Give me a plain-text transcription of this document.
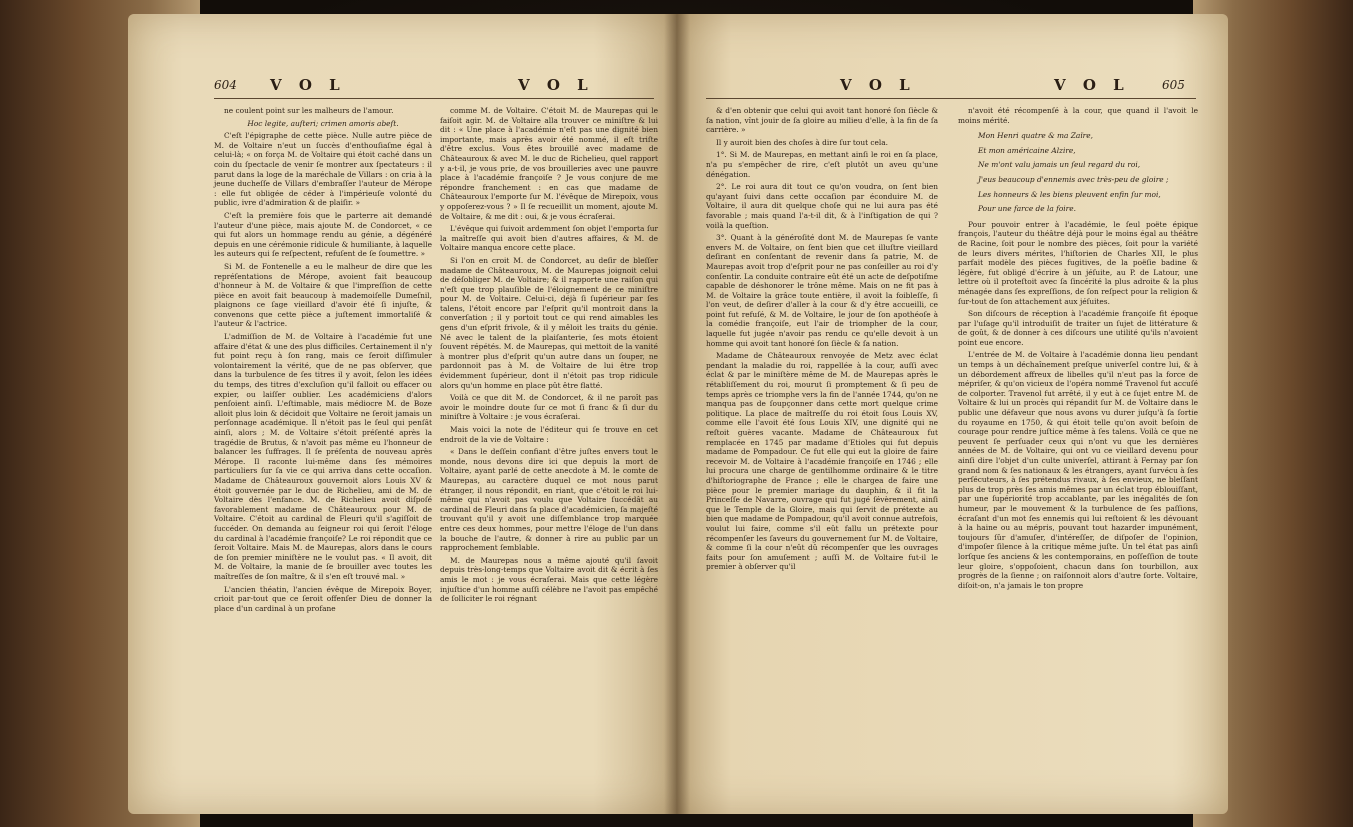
604 V O L	V O L

ne coulent point sur les malheurs de l'amour.

Hoc legite, auſteri; crimen amoris abeſt.

C'eſt l'épigraphe de cette pièce. Nulle autre pièce de M. de Voltaire n'eut un ſuccès d'enthouſiaſme égal à celui-là; « on força M. de Voltaire qui étoit caché dans un coin du ſpectacle de venir ſe montrer aux ſpectateurs : il parut dans la loge de la maréchale de Villars : on cria à la jeune ducheſſe de Villars d'embraſſer l'auteur de Mérope : elle fut obligée de céder à l'impérieuſe volonté du public, ivre d'admiration & de plaiſir. »

C'eſt la première fois que le parterre ait demandé l'auteur d'une pièce, mais ajoute M. de Condorcet, « ce qui fut alors un hommage rendu au génie, a dégénéré depuis en une cérémonie ridicule & humiliante, à laquelle les auteurs qui ſe reſpectent, refuſent de ſe ſoumettre. »

Si M. de Fontenelle a eu le malheur de dire que les repréſentations de Mérope, avoient fait beaucoup d'honneur à M. de Voltaire & que l'impreſſion de cette pièce en avoit fait beaucoup à mademoiſelle Dumeſnil, plaignons ce ſage vieillard d'avoir été ſi injuſte, & convenons que cette pièce a juſtement immortaliſé & l'auteur & l'actrice.

L'admiſſion de M. de Voltaire à l'académie fut une affaire d'état & une des plus difficiles. Certainement il n'y fut point reçu à ſon rang, mais ce ſeroit diſſimuler volontairement la vérité, que de ne pas obſerver, que dans la turbulence de ſes titres il y avoit, ſelon les idées du temps, des titres d'excluſion qu'il falloit ou effacer ou expier, ou laiſſer oublier. Les académiciens d'alors penſoient ainſi. L'eſtimable, mais médiocre M. de Boze alloit plus loin & décidoit que Voltaire ne ſeroit jamais un perſonnage académique. Il n'étoit pas le ſeul qui penſât ainſi, alors ; M. de Voltaire s'étoit préſenté après la tragédie de Brutus, & n'avoit pas même eu l'honneur de balancer les ſuffrages. Il ſe préſenta de nouveau après Mérope. Il raconte lui-même dans ſes mémoires particuliers ſur ſa vie ce qui arriva dans cette occaſion. Madame de Châteauroux gouvernoit alors Louis XV & étoit gouvernée par le duc de Richelieu, ami de M. de Voltaire dès l'enfance. M. de Richelieu avoit diſpoſé favorablement madame de Châteauroux pour M. de Voltaire. C'étoit au cardinal de Fleuri qu'il s'agiſſoit de ſuccéder. On demanda au ſeigneur roi qui ſeroit l'éloge du cardinal à l'académie françoiſe? Le roi répondit que ce ſeroit Voltaire. Mais M. de Maurepas, alors dans le cours de ſon premier miniſtère ne le voulut pas. « Il avoit, dit M. de Voltaire, la manie de ſe brouiller avec toutes les maîtreſſes de ſon maître, & il s'en eſt trouvé mal. »

L'ancien théatin, l'ancien évêque de Mirepoix Boyer, crioit par-tout que ce ſeroit offenſer Dieu de donner la place d'un cardinal à un profane

comme M. de Voltaire. C'étoit M. de Maurepas qui le faiſoit agir. M. de Voltaire alla trouver ce miniſtre & lui dit : « Une place à l'académie n'eſt pas une dignité bien importante, mais après avoir été nommé, il eſt triſte d'être exclus. Vous êtes brouillé avec madame de Châteauroux & avec M. le duc de Richelieu, quel rapport y a-t-il, je vous prie, de vos brouilleries avec une pauvre place à l'académie françoiſe ? Je vous conjure de me répondre franchement : en cas que madame de Châteauroux l'emporte ſur M. l'évêque de Mirepoix, vous y oppoſerez-vous ? » Il ſe recueillit un moment, ajoute M. de Voltaire, & me dit : oui, & je vous écraſerai.

L'évêque qui ſuivoit ardemment ſon objet l'emporta ſur la maîtreſſe qui avoit bien d'autres affaires, & M. de Voltaire manqua encore cette place.

Si l'on en croit M. de Condorcet, au deſir de bleſſer madame de Châteauroux, M. de Maurepas joignoit celui de déſobliger M. de Voltaire; & il rapporte une raiſon qui n'eſt que trop plauſible de l'éloignement de ce miniſtre pour M. de Voltaire. Celui-ci, déjà ſi ſupérieur par ſes talens, l'étoit encore par l'eſprit qu'il montroit dans la converſation ; il y portoit tout ce qui rend aimables les gens d'un eſprit frivole, & il y mêloit les traits du génie. Né avec le talent de la plaiſanterie, ſes mots étoient ſouvent répétés. M. de Maurepas, qui mettoit de la vanité à montrer plus d'eſprit qu'un autre dans un ſouper, ne pardonnoit pas à M. de Voltaire de lui être trop évidemment ſupérieur, dont il n'étoit pas trop ridicule alors qu'un homme en place pût être flatté.

Voilà ce que dit M. de Condorcet, & il ne paroît pas avoir le moindre doute ſur ce mot ſi franc & ſi dur du miniſtre à Voltaire : je vous écraſerai.

Mais voici la note de l'éditeur qui ſe trouve en cet endroit de la vie de Voltaire :

« Dans le deſſein confiant d'être juſtes envers tout le monde, nous devons dire ici que depuis la mort de Voltaire, ayant parlé de cette anecdote à M. le comte de Maurepas, au caractère duquel ce mot nous parut étranger, il nous répondit, en riant, que c'étoit le roi lui-même qui n'avoit pas voulu que Voltaire ſuccédât au cardinal de Fleuri dans ſa place d'académicien, ſa majeſté trouvant qu'il y avoit une diſſemblance trop marquée entre ces deux hommes, pour mettre l'éloge de l'un dans la bouche de l'autre, & donner à rire au public par un rapprochement ſemblable.

M. de Maurepas nous a même ajouté qu'il ſavoit depuis très-long-temps que Voltaire avoit dit & écrit à ſes amis le mot : je vous écraſerai. Mais que cette légère injuſtice d'un homme auſſi célèbre ne l'avoit pas empêché de ſolliciter le roi régnant

V O L	V O L	605

& d'en obtenir que celui qui avoit tant honoré ſon ſiècle & ſa nation, vînt jouir de ſa gloire au milieu d'elle, à la fin de ſa carrière. »

Il y auroit bien des choſes à dire ſur tout cela.

1°. Si M. de Maurepas, en mettant ainſi le roi en ſa place, n'a pu s'empêcher de rire, c'eſt plutôt un aveu qu'une dénégation.

2°. Le roi aura dit tout ce qu'on voudra, on ſent bien qu'ayant ſuivi dans cette occaſion par éconduire M. de Voltaire, il aura dit quelque choſe qui ne lui aura pas été favorable ; mais quand l'a-t-il dit, & à l'inſtigation de qui ? voilà la queſtion.

3°. Quant à la généroſité dont M. de Maurepas ſe vante envers M. de Voltaire, on ſent bien que cet illuſtre vieillard deſirant en conſentant de revenir dans ſa patrie, M. de Maurepas avoit trop d'eſprit pour ne pas conſeiller au roi d'y conſentir. La conduite contraire eût été un acte de deſpotiſme capable de déshonorer le trône même. Mais on ne fit pas à M. de Voltaire la grâce toute entière, il avoit la foibleſſe, ſi l'on veut, de deſirer d'aller à la cour & d'y être accueilli, ce point fut refuſé, & M. de Voltaire, le jour de ſon apothéoſe à la comédie françoiſe, eut l'air de triompher de la cour, laquelle fut jugée n'avoir pas rendu ce qu'elle devoit à un homme qui avoit tant honoré ſon ſiècle & ſa nation.

Madame de Châteauroux renvoyée de Metz avec éclat pendant la maladie du roi, rappellée à la cour, auſſi avec éclat & par le miniſtère même de M. de Maurepas après le rétabliſſement du roi, mourut ſi promptement & ſi peu de temps après ce triomphe vers la fin de l'année 1744, qu'on ne manqua pas de ſoupçonner dans cette mort quelque crime politique. La place de maîtreſſe du roi étoit ſous Louis XV, comme elle l'avoit été ſous Louis XIV, une dignité qui ne reſtoit guères vacante. Madame de Châteauroux fut remplacée en 1745 par madame d'Etioles qui fut depuis madame de Pompadour. Ce fut elle qui eut la gloire de faire recevoir M. de Voltaire à l'académie françoiſe en 1746 ; elle lui procura une charge de gentilhomme ordinaire & le titre d'hiſtoriographe de France ; elle le chargea de faire une pièce pour le premier mariage du dauphin, & il fit la Princeſſe de Navarre, ouvrage qui fut jugé ſévèrement, ainſi que le Temple de la Gloire, mais qui ſervit de prétexte au bien que madame de Pompadour, qu'il avoit connue autrefois, voulut lui faire, comme s'il eût fallu un prétexte pour récompenſer les ſaveurs du gouvernement ſur M. de Voltaire, & comme ſi la cour n'eût dû récompenſer que les ouvrages faits pour ſon amuſement ; auſſi M. de Voltaire fut-il le premier à obſerver qu'il

n'avoit été récompenſé à la cour, que quand il l'avoit le moins mérité.

Mon Henri quatre & ma Zaïre,
Et mon américaine Alzire,
Ne m'ont valu jamais un ſeul regard du roi,
J'eus beaucoup d'ennemis avec très-peu de gloire ;
Les honneurs & les biens pleuvent enfin ſur moi,
Pour une farce de la foire.

Pour pouvoir entrer à l'académie, le ſeul poëte épique françois, l'auteur du théâtre déjà pour le moins égal au théâtre de Racine, ſoit pour le nombre des pièces, ſoit pour la variété de leurs divers mérites, l'hiſtorien de Charles XII, le plus parfait modèle des pièces fugitives, de la poëſie badine & légère, fut obligé d'écrire à un jéſuite, au P. de Latour, une lettre où il proteſtoit avec ſa ſincérité la plus adroite & la plus ménagée dans ſes expreſſions, de ſon reſpect pour la religion & ſur-tout de ſon attachement aux jéſuites.

Son diſcours de réception à l'académie françoiſe fit époque par l'uſage qu'il introduiſit de traiter un ſujet de littérature & de goût, & de donner à ces diſcours une utilité qu'ils n'avoient point eue encore.

L'entrée de M. de Voltaire à l'académie donna lieu pendant un temps à un déchaînement preſque univerſel contre lui, & à un débordement affreux de libelles qu'il n'eut pas la force de mépriſer, & qu'on vicieux de l'opéra nommé Travenol fut accuſé de colporter. Travenol fut arrêté, il y eut à ce ſujet entre M. de Voltaire & lui un procès qui répandit ſur M. de Voltaire dans le public une défaveur que nous avons vu durer juſqu'à ſa ſortie du royaume en 1750, & qui étoit telle qu'on avoit beſoin de courage pour rendre juſtice même à ſes talens. Voilà ce que ne peuvent ſe perſuader ceux qui n'ont vu que les dernières années de M. de Voltaire, qui ont vu ce vieillard devenu pour ainſi dire l'objet d'un culte univerſel, attirant à Fernay par ſon grand nom & ſes nationaux & les étrangers, ayant ſurvécu à ſes perſécuteurs, à ſes prétendus rivaux, à ſes envieux, ne bleſſant plus de trop près ſes amis mêmes par un éclat trop éblouiſſant, par une ſupériorité trop accablante, par les inégalités de ſon humeur, par le mouvement & la turbulence de ſes paſſions, écraſant d'un mot ſes ennemis qui lui reſtoient & les dévouant à la haine ou au mépris, pouvant tout hazarder impunément, toujours ſûr d'amuſer, d'intéreſſer, de diſpoſer de l'opinion, d'impoſer ſilence à la critique même juſte. Un tel état pas ainſi lorſque ſes anciens & les contemporains, en poſſeſſion de toute leur gloire, s'oppoſoient, chacun dans ſon tourbillon, aux progrès de la ſienne ; on raiſonnoit alors d'autre ſorte. Voltaire, diſoit-on, n'a jamais le ton propre
